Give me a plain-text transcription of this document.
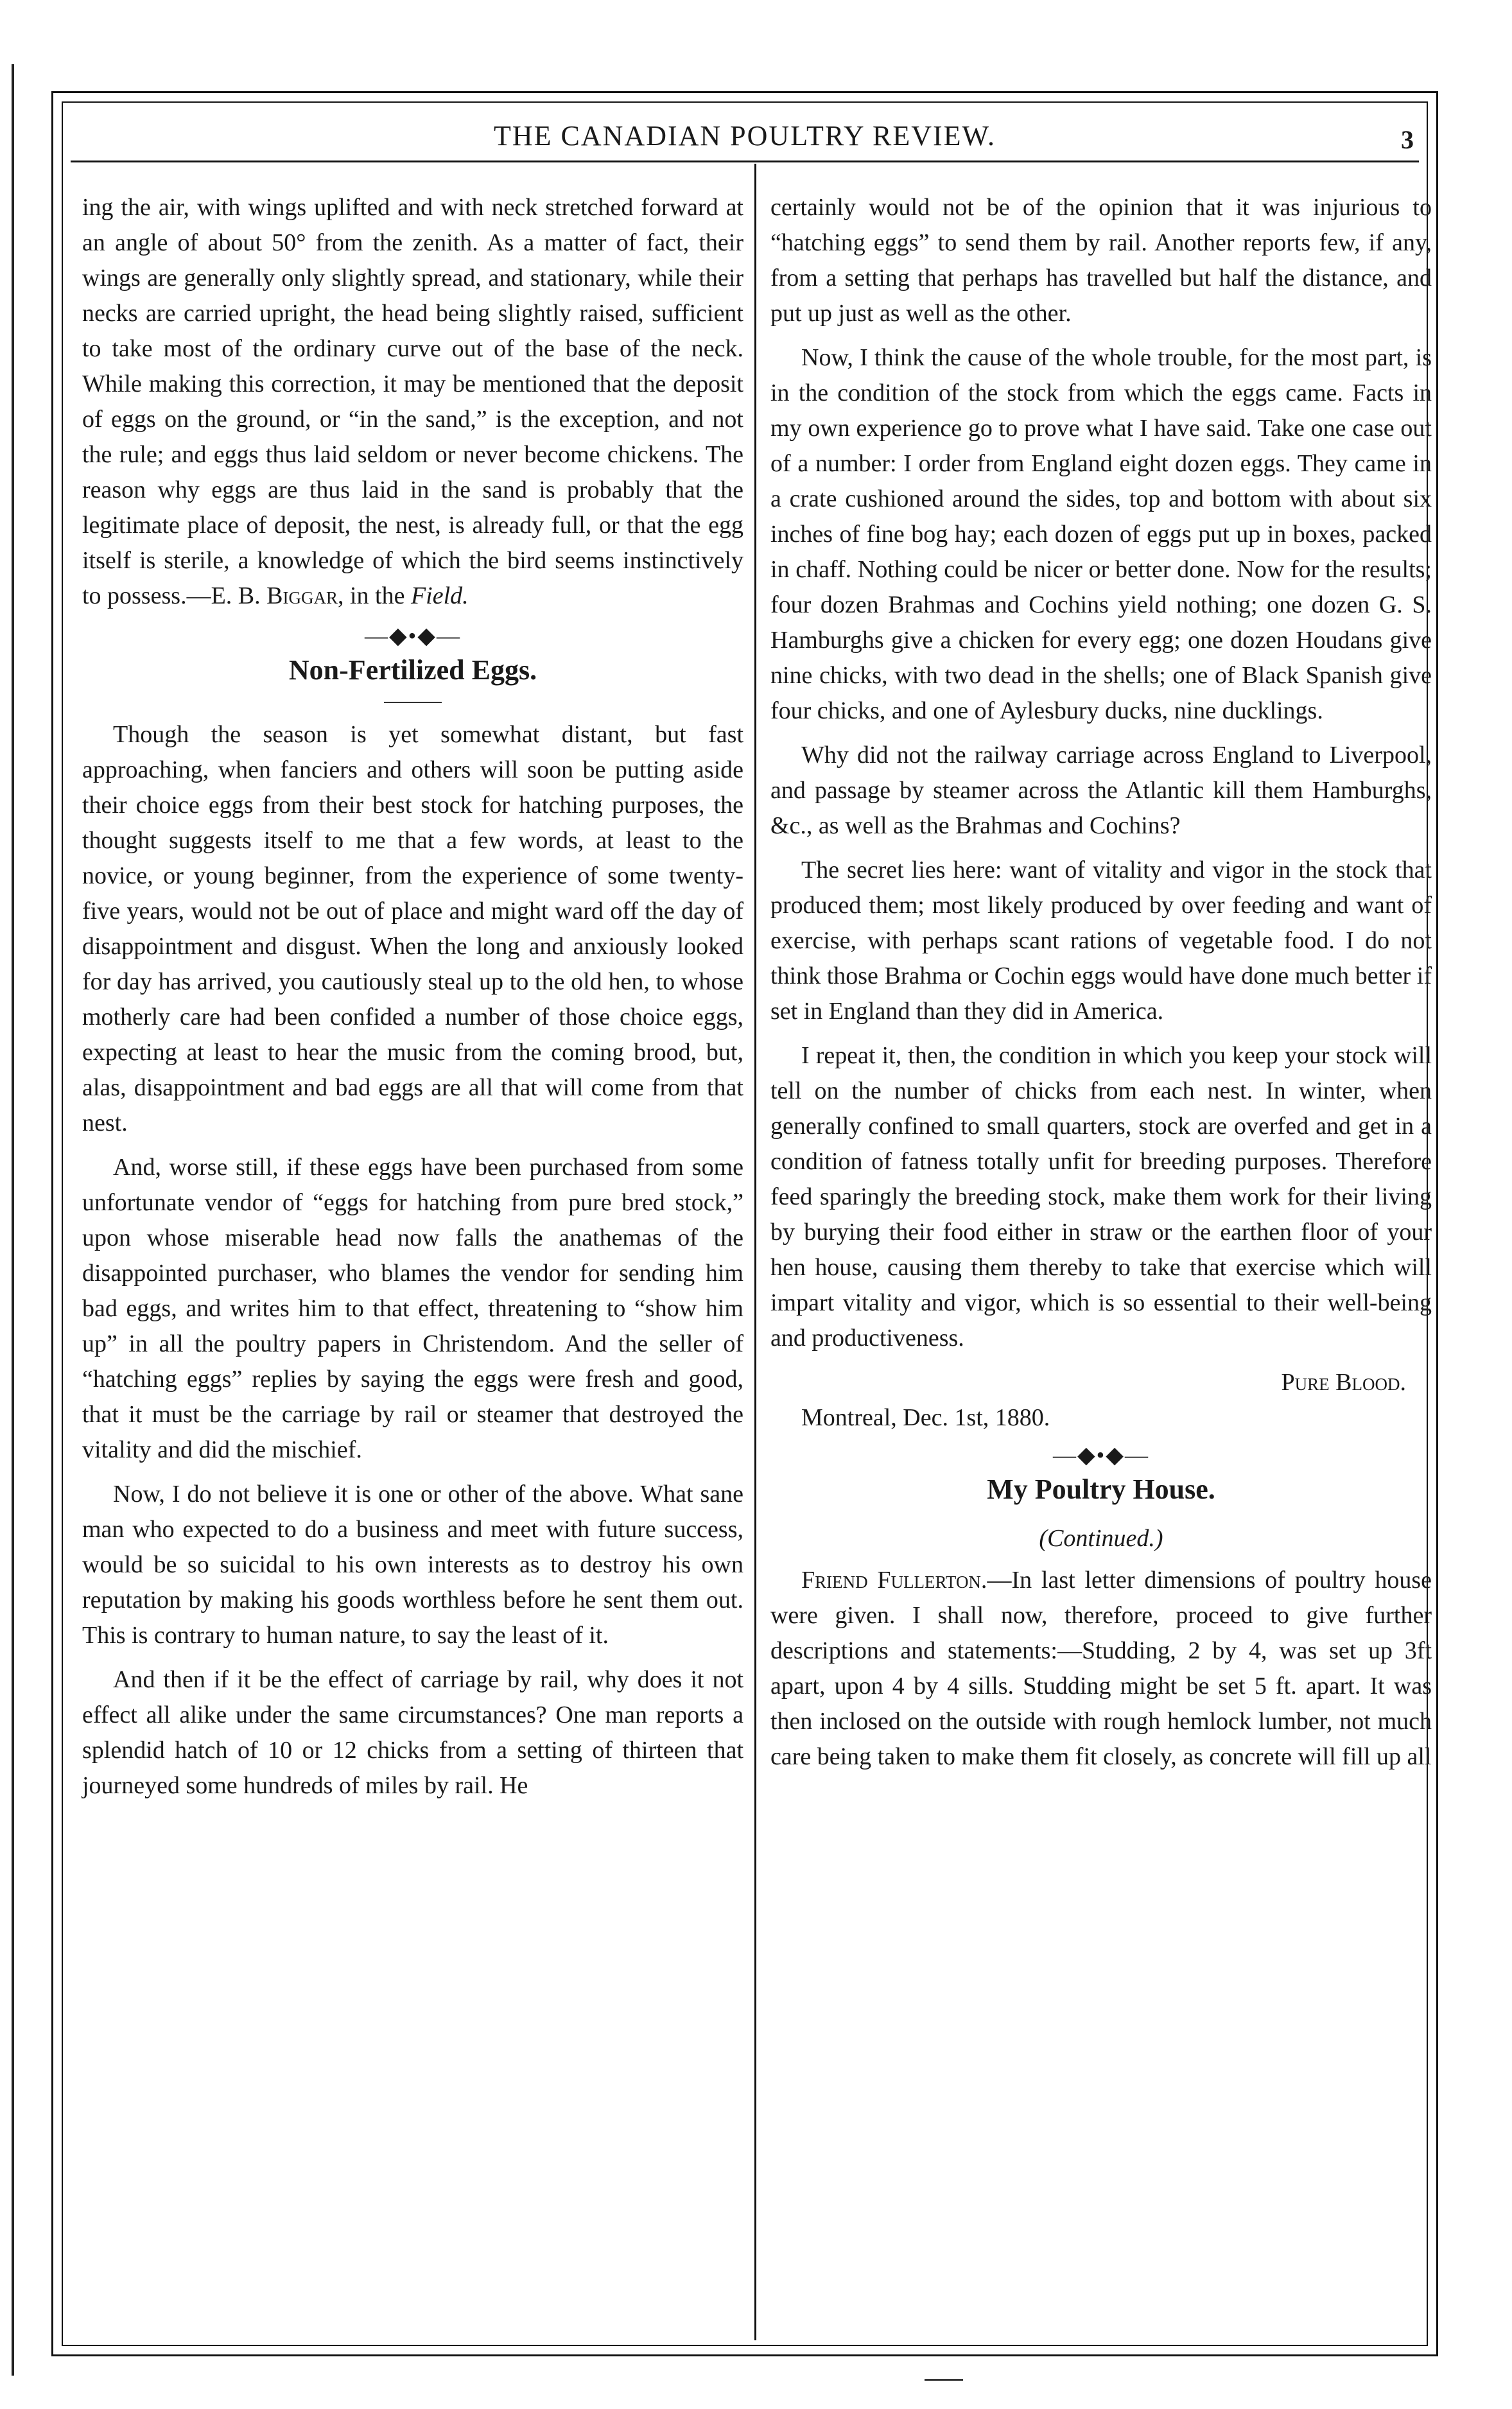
THE CANADIAN POULTRY REVIEW.	3

ing the air, with wings uplifted and with neck stretched forward at an angle of about 50° from the zenith. As a matter of fact, their wings are generally only slightly spread, and stationary, while their necks are carried upright, the head being slightly raised, sufficient to take most of the ordinary curve out of the base of the neck. While making this correction, it may be mentioned that the deposit of eggs on the ground, or “in the sand,” is the exception, and not the rule; and eggs thus laid seldom or never become chickens. The reason why eggs are thus laid in the sand is probably that the legitimate place of deposit, the nest, is already full, or that the egg itself is sterile, a knowledge of which the bird seems instinctively to possess.—E. B. Biggar, in the Field.

—◆•◆—
Non-Fertilized Eggs.

Though the season is yet somewhat distant, but fast approaching, when fanciers and others will soon be putting aside their choice eggs from their best stock for hatching purposes, the thought suggests itself to me that a few words, at least to the novice, or young beginner, from the experience of some twenty-five years, would not be out of place and might ward off the day of disappointment and disgust. When the long and anxiously looked for day has arrived, you cautiously steal up to the old hen, to whose motherly care had been confided a number of those choice eggs, expecting at least to hear the music from the coming brood, but, alas, disappointment and bad eggs are all that will come from that nest.

And, worse still, if these eggs have been purchased from some unfortunate vendor of “eggs for hatching from pure bred stock,” upon whose miserable head now falls the anathemas of the disappointed purchaser, who blames the vendor for sending him bad eggs, and writes him to that effect, threatening to “show him up” in all the poultry papers in Christendom. And the seller of “hatching eggs” replies by saying the eggs were fresh and good, that it must be the carriage by rail or steamer that destroyed the vitality and did the mischief.

Now, I do not believe it is one or other of the above. What sane man who expected to do a business and meet with future success, would be so suicidal to his own interests as to destroy his own reputation by making his goods worthless before he sent them out. This is contrary to human nature, to say the least of it.

And then if it be the effect of carriage by rail, why does it not effect all alike under the same circumstances? One man reports a splendid hatch of 10 or 12 chicks from a setting of thirteen that journeyed some hundreds of miles by rail. He

certainly would not be of the opinion that it was injurious to “hatching eggs” to send them by rail. Another reports few, if any, from a setting that perhaps has travelled but half the distance, and put up just as well as the other.

Now, I think the cause of the whole trouble, for the most part, is in the condition of the stock from which the eggs came. Facts in my own experience go to prove what I have said. Take one case out of a number: I order from England eight dozen eggs. They came in a crate cushioned around the sides, top and bottom with about six inches of fine bog hay; each dozen of eggs put up in boxes, packed in chaff. Nothing could be nicer or better done. Now for the results; four dozen Brahmas and Cochins yield nothing; one dozen G. S. Hamburghs give a chicken for every egg; one dozen Houdans give nine chicks, with two dead in the shells; one of Black Spanish give four chicks, and one of Aylesbury ducks, nine ducklings.

Why did not the railway carriage across England to Liverpool, and passage by steamer across the Atlantic kill them Hamburghs, &c., as well as the Brahmas and Cochins?

The secret lies here: want of vitality and vigor in the stock that produced them; most likely produced by over feeding and want of exercise, with perhaps scant rations of vegetable food. I do not think those Brahma or Cochin eggs would have done much better if set in England than they did in America.

I repeat it, then, the condition in which you keep your stock will tell on the number of chicks from each nest. In winter, when generally confined to small quarters, stock are overfed and get in a condition of fatness totally unfit for breeding purposes. Therefore feed sparingly the breeding stock, make them work for their living by burying their food either in straw or the earthen floor of your hen house, causing them thereby to take that exercise which will impart vitality and vigor, which is so essential to their well-being and productiveness.

Pure Blood.
Montreal, Dec. 1st, 1880.
—◆•◆—
My Poultry House.
(Continued.)

Friend Fullerton.—In last letter dimensions of poultry house were given. I shall now, therefore, proceed to give further descriptions and statements:—Studding, 2 by 4, was set up 3ft apart, upon 4 by 4 sills. Studding might be set 5 ft. apart. It was then inclosed on the outside with rough hemlock lumber, not much care being taken to make them fit closely, as concrete will fill up all
